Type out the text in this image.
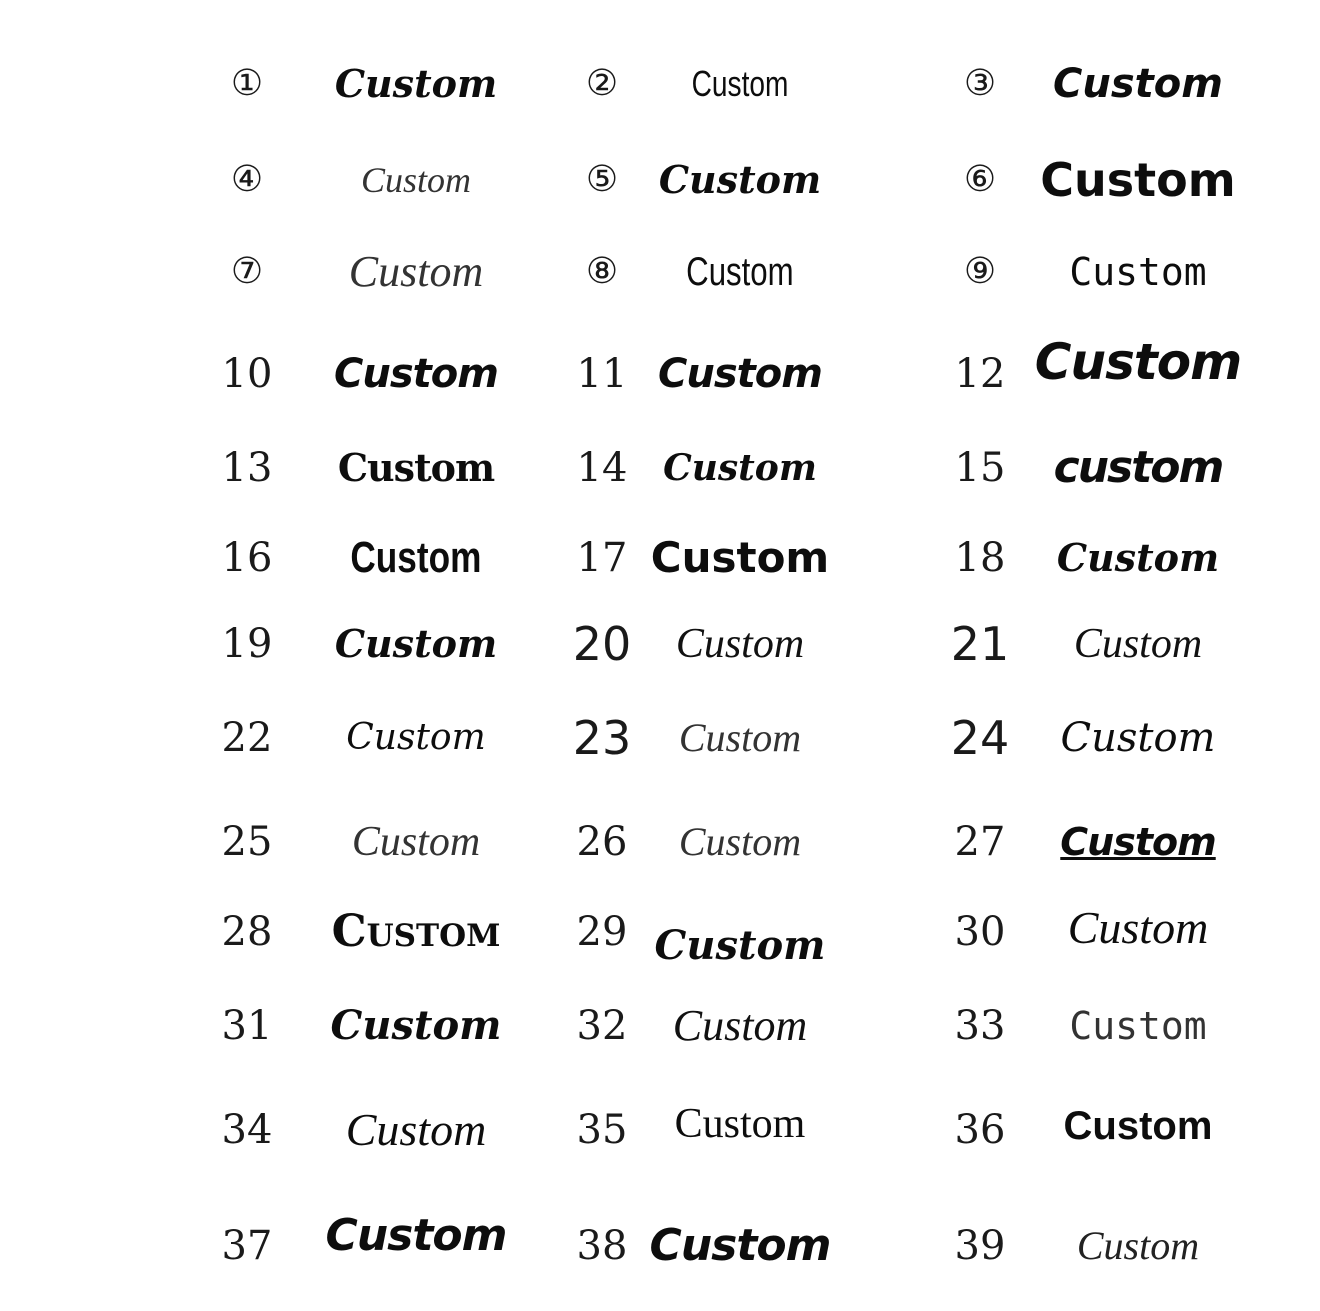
①	Custom	②	Custom	③	Custom
④	Custom	⑤	Custom	⑥ Custom
⑦	Custom	⑧	Custom	⑨	Custom
10	Custom	11 Custom	12 Custom
13	Custom	14 Custom	15	custom
16	Custom	17 Custom	18	Custom
19	Custom	20	Custom	21	Custom
22	Custom	23	Custom	24	Custom
25	Custom	26	Custom	27	Custom
28	Custom	29 Custom	30	Custom
31	Custom	32	Custom	33	Custom
34	Custom	35	Custom	36	Custom
37	Custom	38 Custom	39	Custom
